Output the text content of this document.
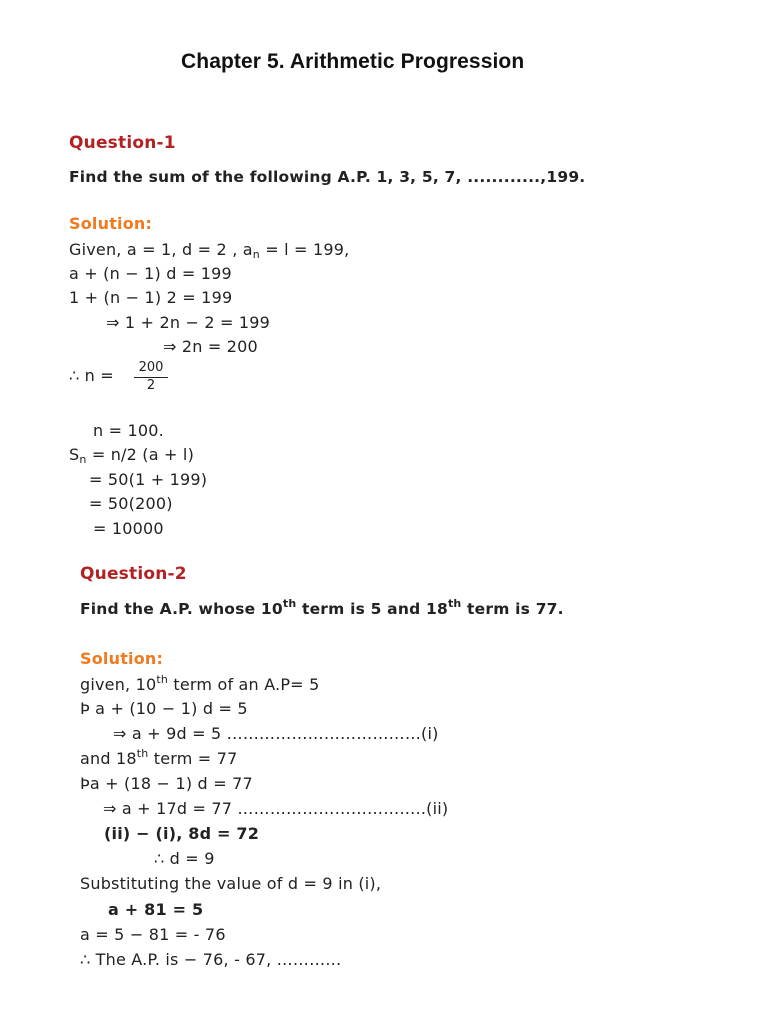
Chapter 5. Arithmetic Progression
Question-1
Find the sum of the following A.P. 1, 3, 5, 7, ............,199.
Solution:
Given, a = 1, d = 2 , $a_n = l = 199$,
a + (n − 1) d = 199
1 + (n − 1) 2 = 199
⇒ 1 + 2n − 2 = 199
⇒ 2n = 200
∴ $n = \frac{200}{2}$
n = 100.
$S_n = n/2$ (a + l)
= 50(1 + 199)
= 50(200)
= 10000
Question-2
Find the A.P. whose 10th term is 5 and 18th term is 77.
Solution:
given, 10th term of an A.P= 5
Þ a + (10 − 1) d = 5
⇒ a + 9d = 5 ………………………………(i)
and 18th term = 77
Þa + (18 − 1) d = 77
⇒ a + 17d = 77 ……………………………..(ii)
(ii) − (i), 8d = 72
∴ d = 9
Substituting the value of d = 9 in (i),
a + 81 = 5
a = 5 − 81 = - 76
∴ The A.P. is − 76, - 67, …………
